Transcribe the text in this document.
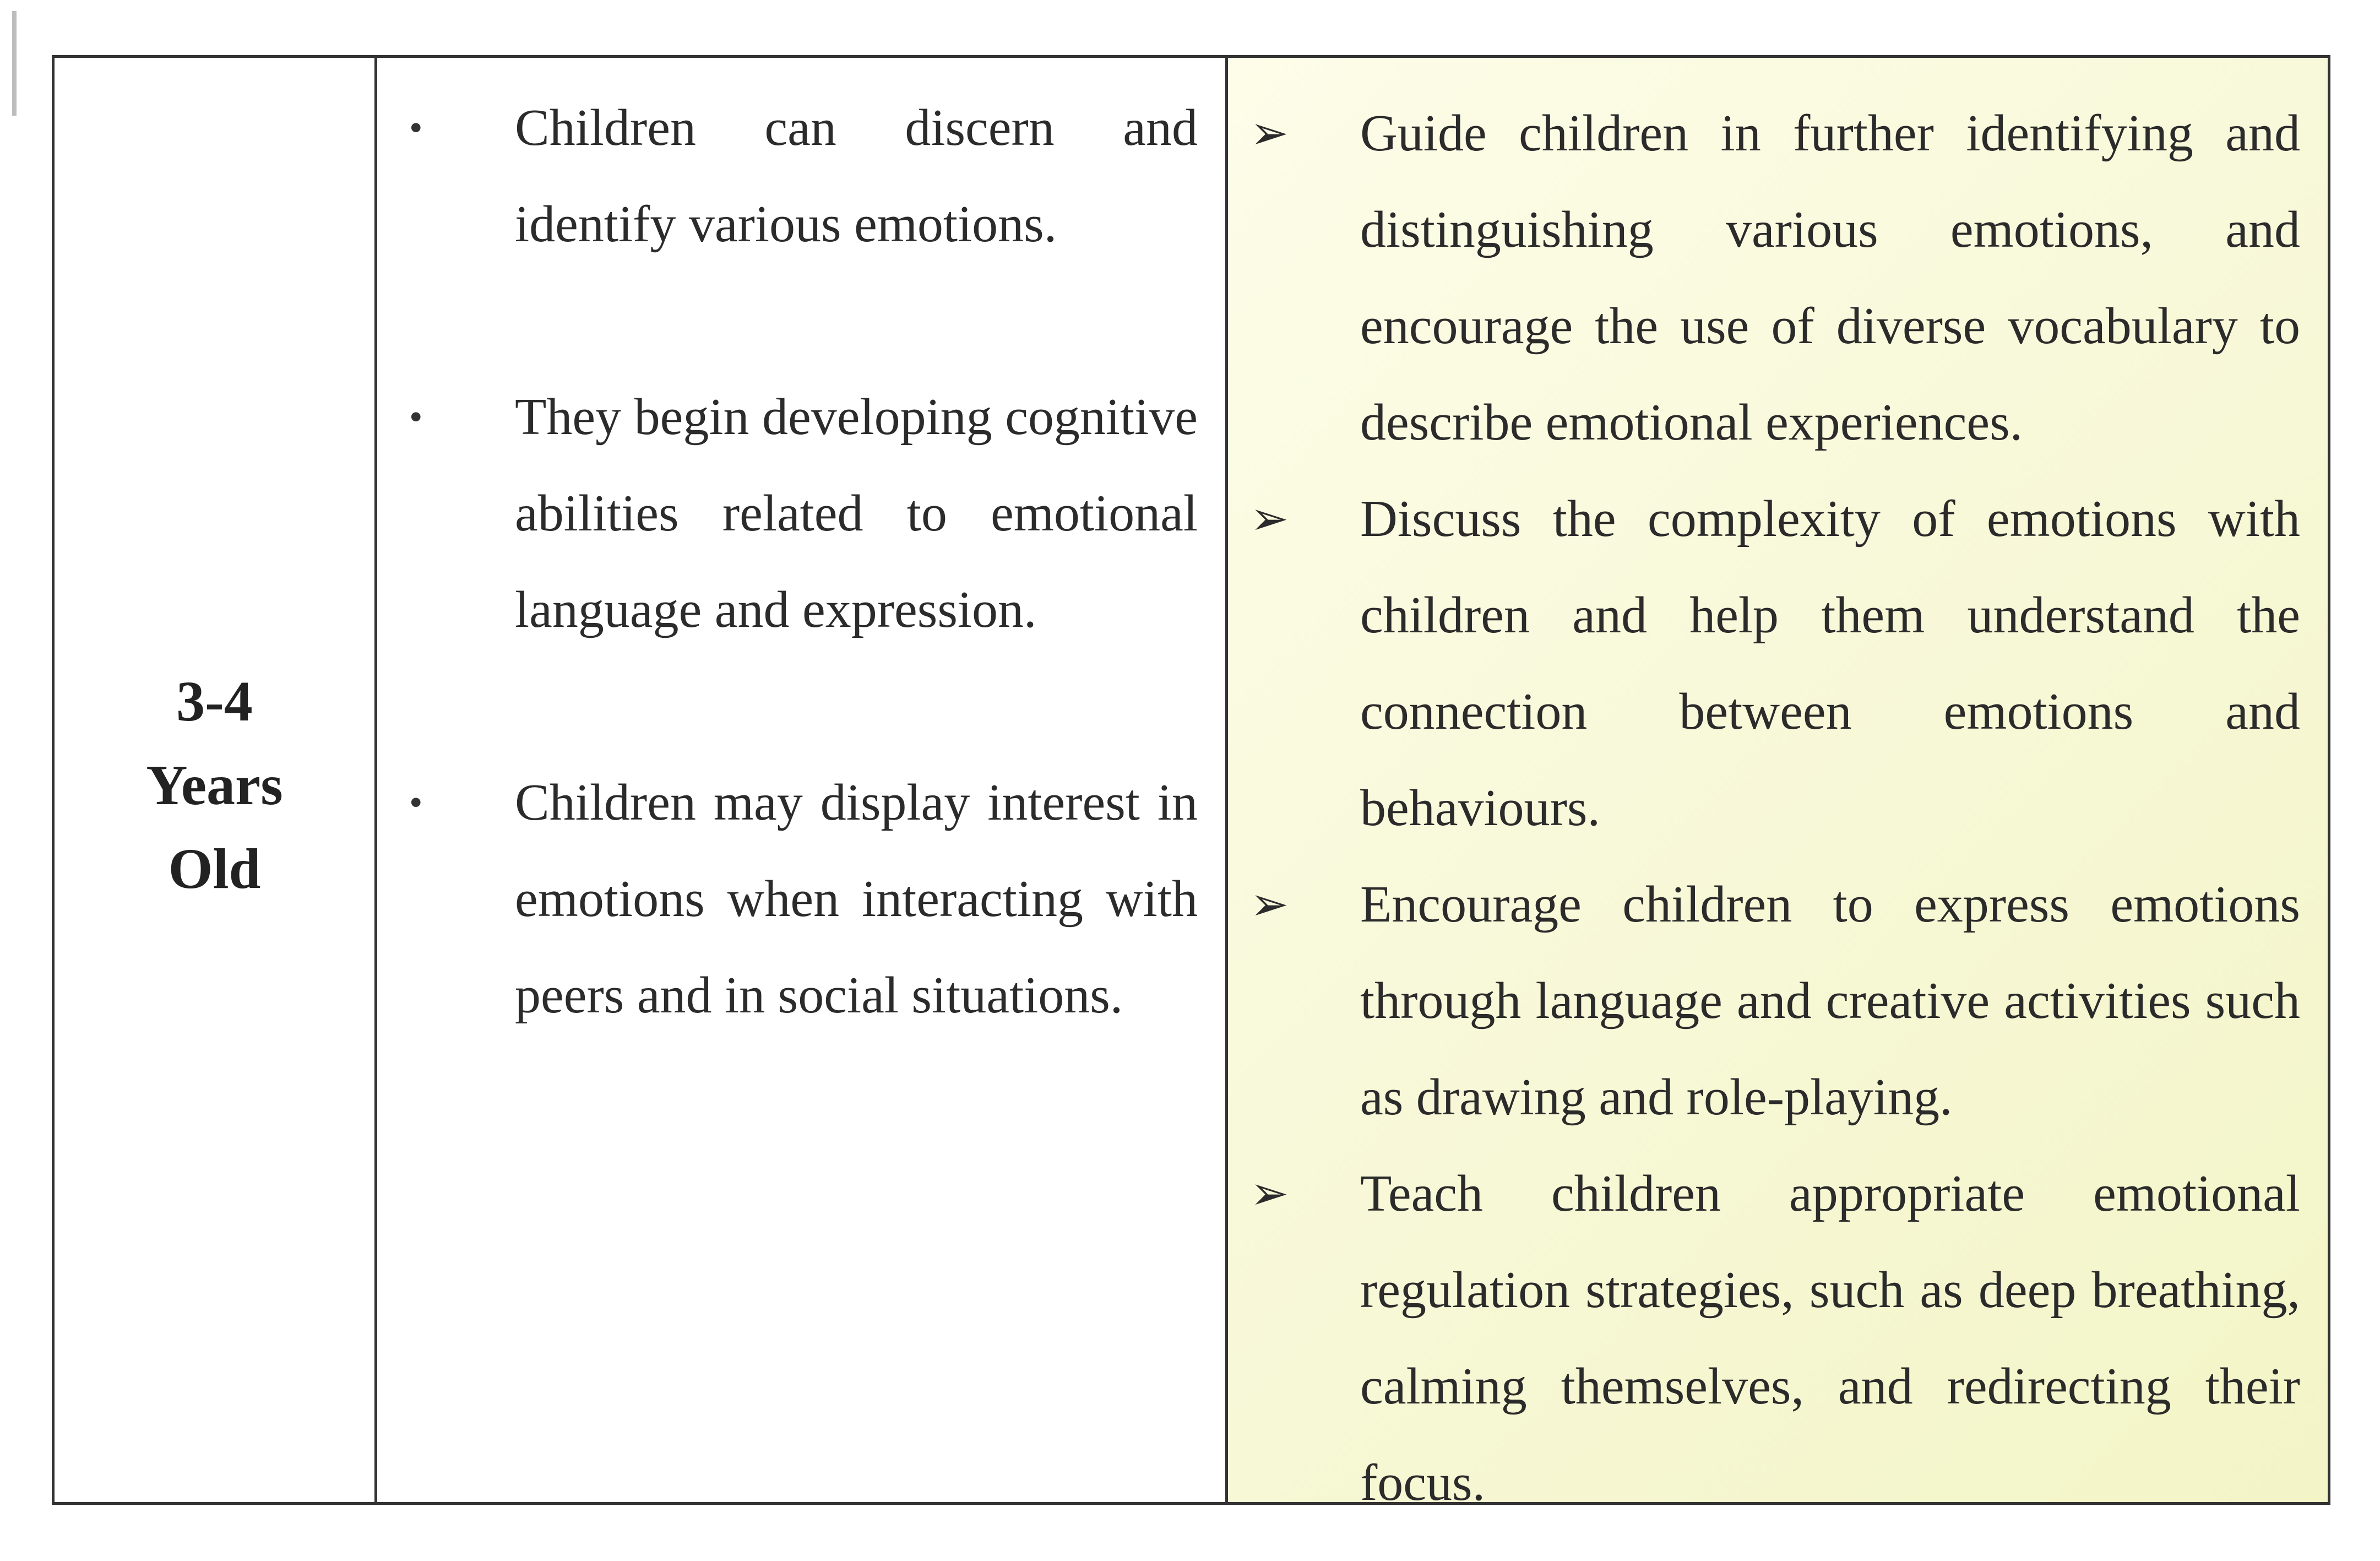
3-4
Years
Old
• Children can discern and identify various emotions.
• They begin developing cognitive abilities related to emotional language and expression.
• Children may display interest in emotions when interacting with peers and in social situations.
➢ Guide children in further identifying and distinguishing various emotions, and encourage the use of diverse vocabulary to describe emotional experiences.
➢ Discuss the complexity of emotions with children and help them understand the connection between emotions and behaviours.
➢ Encourage children to express emotions through language and creative activities such as drawing and role-playing.
➢ Teach children appropriate emotional regulation strategies, such as deep breathing, calming themselves, and redirecting their focus.
